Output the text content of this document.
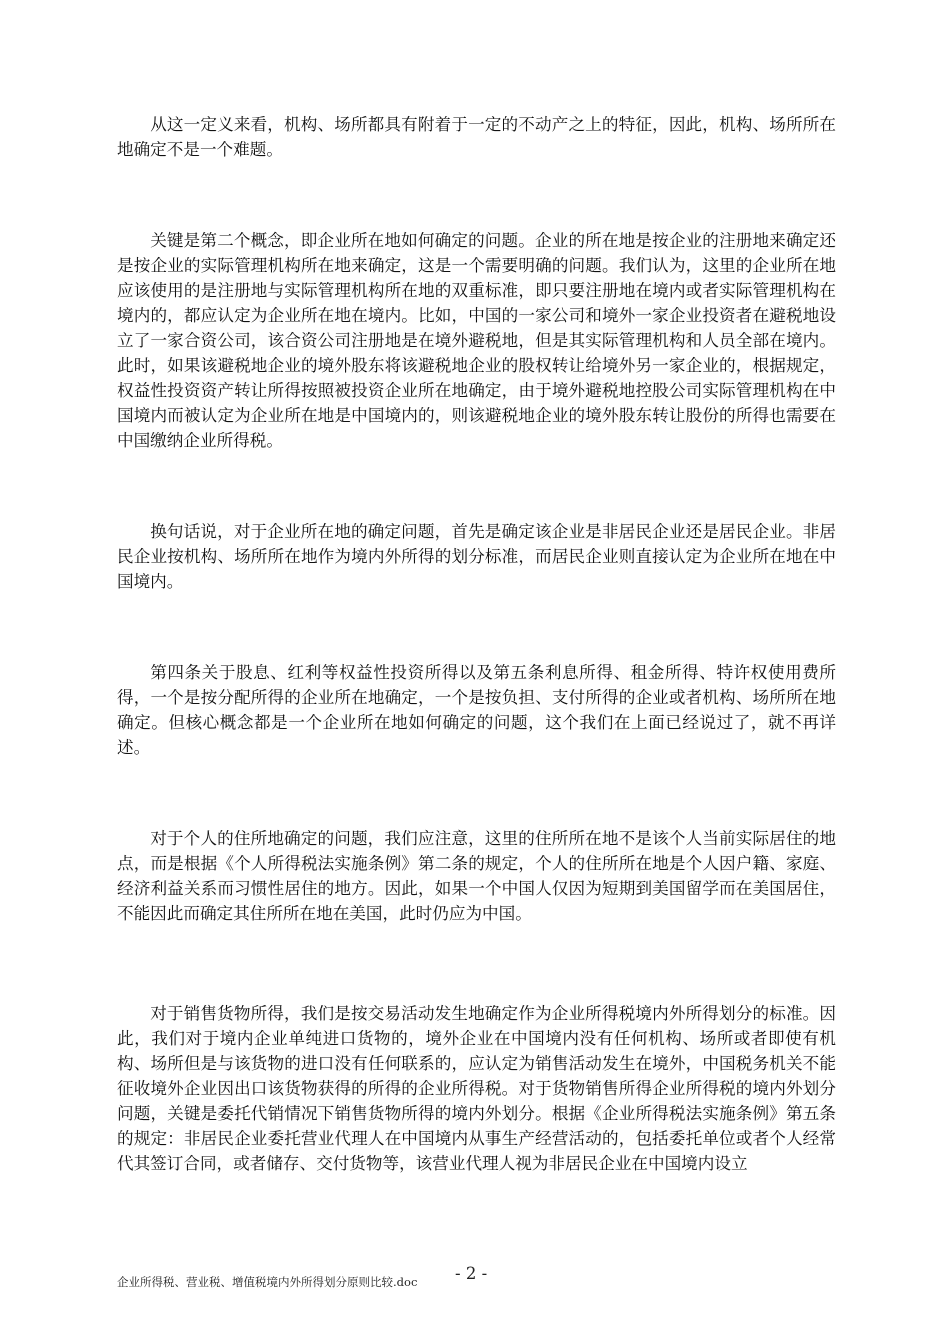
从这一定义来看，机构、场所都具有附着于一定的不动产之上的特征，因此，机构、场所所在地确定不是一个难题。

关键是第二个概念，即企业所在地如何确定的问题。企业的所在地是按企业的注册地来确定还是按企业的实际管理机构所在地来确定，这是一个需要明确的问题。我们认为，这里的企业所在地应该使用的是注册地与实际管理机构所在地的双重标准，即只要注册地在境内或者实际管理机构在境内的，都应认定为企业所在地在境内。比如，中国的一家公司和境外一家企业投资者在避税地设立了一家合资公司，该合资公司注册地是在境外避税地，但是其实际管理机构和人员全部在境内。此时，如果该避税地企业的境外股东将该避税地企业的股权转让给境外另一家企业的，根据规定，权益性投资资产转让所得按照被投资企业所在地确定，由于境外避税地控股公司实际管理机构在中国境内而被认定为企业所在地是中国境内的，则该避税地企业的境外股东转让股份的所得也需要在中国缴纳企业所得税。

换句话说，对于企业所在地的确定问题，首先是确定该企业是非居民企业还是居民企业。非居民企业按机构、场所所在地作为境内外所得的划分标准，而居民企业则直接认定为企业所在地在中国境内。

第四条关于股息、红利等权益性投资所得以及第五条利息所得、租金所得、特许权使用费所得，一个是按分配所得的企业所在地确定，一个是按负担、支付所得的企业或者机构、场所所在地确定。但核心概念都是一个企业所在地如何确定的问题，这个我们在上面已经说过了，就不再详述。

对于个人的住所地确定的问题，我们应注意，这里的住所所在地不是该个人当前实际居住的地点，而是根据《个人所得税法实施条例》第二条的规定，个人的住所所在地是个人因户籍、家庭、经济利益关系而习惯性居住的地方。因此，如果一个中国人仅因为短期到美国留学而在美国居住，不能因此而确定其住所所在地在美国，此时仍应为中国。

对于销售货物所得，我们是按交易活动发生地确定作为企业所得税境内外所得划分的标准。因此，我们对于境内企业单纯进口货物的，境外企业在中国境内没有任何机构、场所或者即使有机构、场所但是与该货物的进口没有任何联系的，应认定为销售活动发生在境外，中国税务机关不能征收境外企业因出口该货物获得的所得的企业所得税。对于货物销售所得企业所得税的境内外划分问题，关键是委托代销情况下销售货物所得的境内外划分。根据《企业所得税法实施条例》第五条的规定：非居民企业委托营业代理人在中国境内从事生产经营活动的，包括委托单位或者个人经常代其签订合同，或者储存、交付货物等，该营业代理人视为非居民企业在中国境内设立

企业所得税、营业税、增值税境内外所得划分原则比较.doc - 2 -
